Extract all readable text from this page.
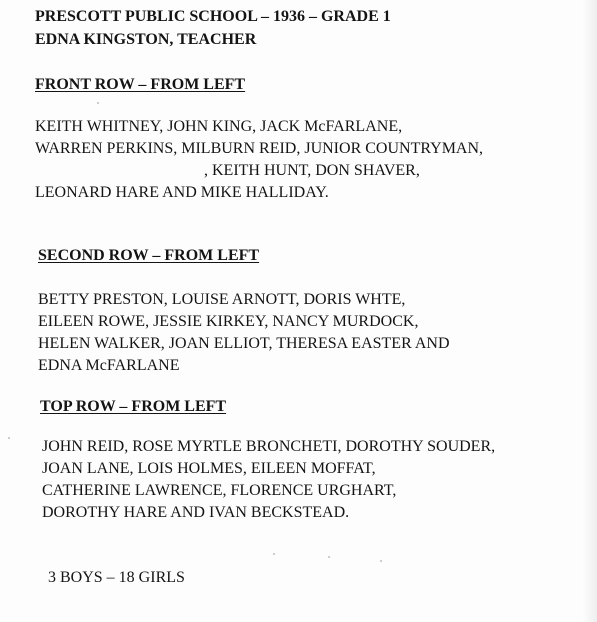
PRESCOTT PUBLIC SCHOOL – 1936 – GRADE 1
EDNA KINGSTON, TEACHER
FRONT ROW – FROM LEFT
KEITH WHITNEY, JOHN KING, JACK McFARLANE,
WARREN PERKINS, MILBURN REID, JUNIOR COUNTRYMAN,
, KEITH HUNT, DON SHAVER,
LEONARD HARE AND MIKE HALLIDAY.
SECOND ROW – FROM LEFT
BETTY PRESTON, LOUISE ARNOTT, DORIS WHTE,
EILEEN ROWE, JESSIE KIRKEY, NANCY MURDOCK,
HELEN WALKER, JOAN ELLIOT, THERESA EASTER AND
EDNA McFARLANE
TOP ROW – FROM LEFT
JOHN REID, ROSE MYRTLE BRONCHETI, DOROTHY SOUDER,
JOAN LANE, LOIS HOLMES, EILEEN MOFFAT,
CATHERINE LAWRENCE, FLORENCE URGHART,
DOROTHY HARE AND IVAN BECKSTEAD.
3 BOYS – 18 GIRLS
